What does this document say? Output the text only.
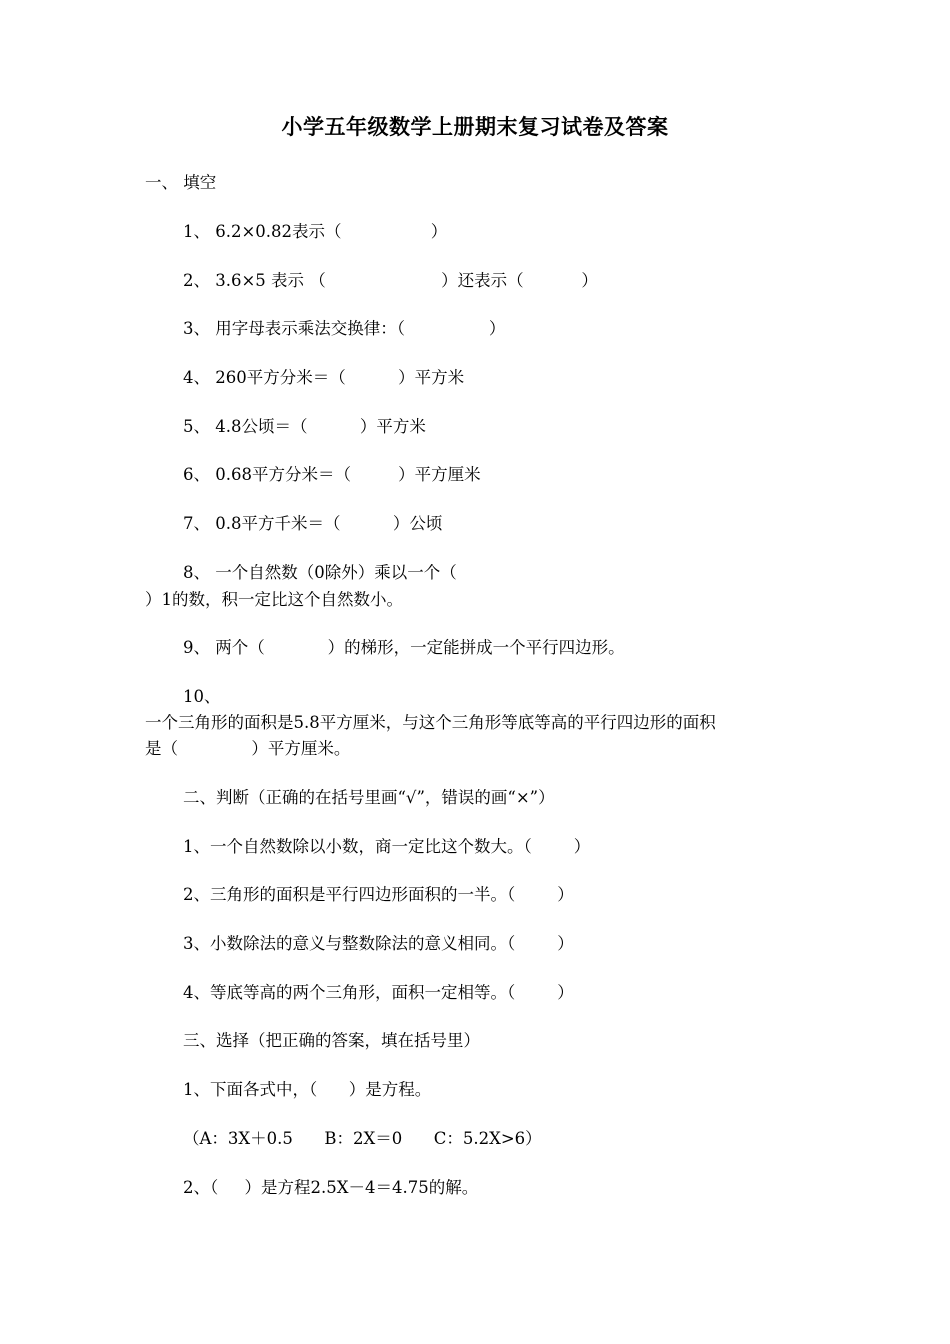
小学五年级数学上册期末复习试卷及答案
一、 填空
1、 6.2×0.82表示（                 ）
2、 3.6×5 表示 （                      ）还表示（           ）
3、 用字母表示乘法交换律：（                ）
4、 260平方分米＝（          ）平方米
5、 4.8公顷＝（          ）平方米
6、 0.68平方分米＝（         ）平方厘米
7、 0.8平方千米＝（          ）公顷
8、 一个自然数（0除外）乘以一个（
）1的数，积一定比这个自然数小。
9、 两个（            ）的梯形，一定能拼成一个平行四边形。
10、
一个三角形的面积是5.8平方厘米，与这个三角形等底等高的平行四边形的面积
是（              ）平方厘米。
二、判断（正确的在括号里画“√”，错误的画“×”）
1、一个自然数除以小数，商一定比这个数大。（        ）
2、三角形的面积是平行四边形面积的一半。（        ）
3、小数除法的意义与整数除法的意义相同。（        ）
4、等底等高的两个三角形，面积一定相等。（        ）
三、选择（把正确的答案，填在括号里）
1、下面各式中，（      ）是方程。
（A：3X＋0.5      B：2X＝0      C：5.2X>6）
2、（     ）是方程2.5X－4＝4.75的解。
